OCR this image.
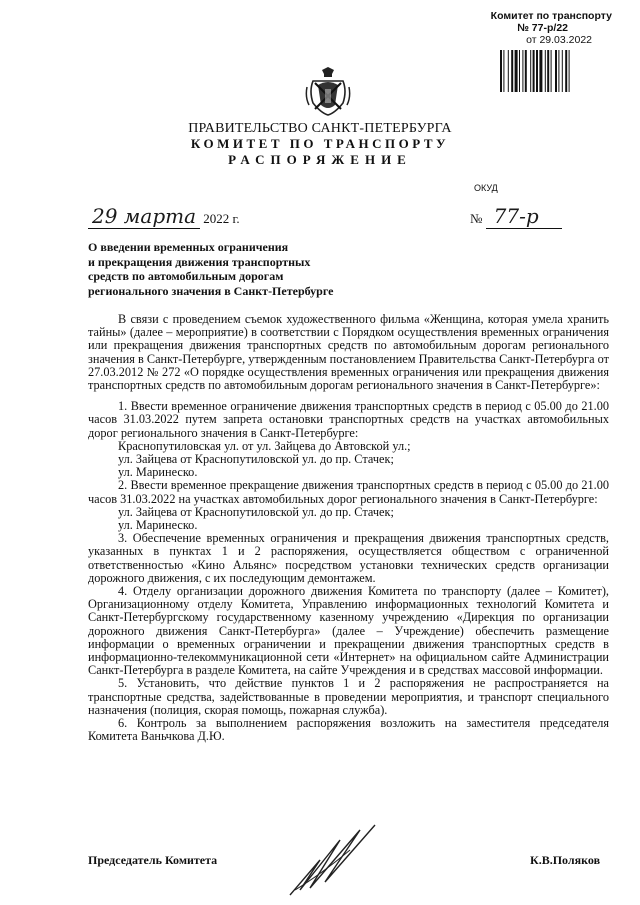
Комитет по транспорту
№ 77-р/22
от 29.03.2022
ПРАВИТЕЛЬСТВО САНКТ-ПЕТЕРБУРГА
КОМИТЕТ ПО ТРАНСПОРТУ
РАСПОРЯЖЕНИЕ
ОКУД
29 марта 2022 г.	№ 77-р
О введении временных ограничения
и прекращения движения транспортных
средств по автомобильным дорогам
регионального значения в Санкт-Петербурге

В связи с проведением съемок художественного фильма «Женщина, которая умела хранить тайны» (далее – мероприятие) в соответствии с Порядком осуществления временных ограничения или прекращения движения транспортных средств по автомобильным дорогам регионального значения в Санкт-Петербурге, утвержденным постановлением Правительства Санкт-Петербурга от 27.03.2012 № 272 «О порядке осуществления временных ограничения или прекращения движения транспортных средств по автомобильным дорогам регионального значения в Санкт-Петербурге»:

1. Ввести временное ограничение движения транспортных средств в период с 05.00 до 21.00 часов 31.03.2022 путем запрета остановки транспортных средств на участках автомобильных дорог регионального значения в Санкт-Петербурге:

Краснопутиловская ул. от ул. Зайцева до Автовской ул.;

ул. Зайцева от Краснопутиловской ул. до пр. Стачек;

ул. Маринеско.

2. Ввести временное прекращение движения транспортных средств в период с 05.00 до 21.00 часов 31.03.2022 на участках автомобильных дорог регионального значения в Санкт-Петербурге:

ул. Зайцева от Краснопутиловской ул. до пр. Стачек;

ул. Маринеско.

3. Обеспечение временных ограничения и прекращения движения транспортных средств, указанных в пунктах 1 и 2 распоряжения, осуществляется обществом с ограниченной ответственностью «Кино Альянс» посредством установки технических средств организации дорожного движения, с их последующим демонтажем.

4. Отделу организации дорожного движения Комитета по транспорту (далее – Комитет), Организационному отделу Комитета, Управлению информационных технологий Комитета и Санкт-Петербургскому государственному казенному учреждению «Дирекция по организации дорожного движения Санкт-Петербурга» (далее – Учреждение) обеспечить размещение информации о временных ограничении и прекращении движения транспортных средств в информационно-телекоммуникационной сети «Интернет» на официальном сайте Администрации Санкт-Петербурга в разделе Комитета, на сайте Учреждения и в средствах массовой информации.

5. Установить, что действие пунктов 1 и 2 распоряжения не распространяется на транспортные средства, задействованные в проведении мероприятия, и транспорт специального назначения (полиция, скорая помощь, пожарная служба).

6. Контроль за выполнением распоряжения возложить на заместителя председателя Комитета Ваньчкова Д.Ю.

Председатель Комитета	К.В.Поляков
